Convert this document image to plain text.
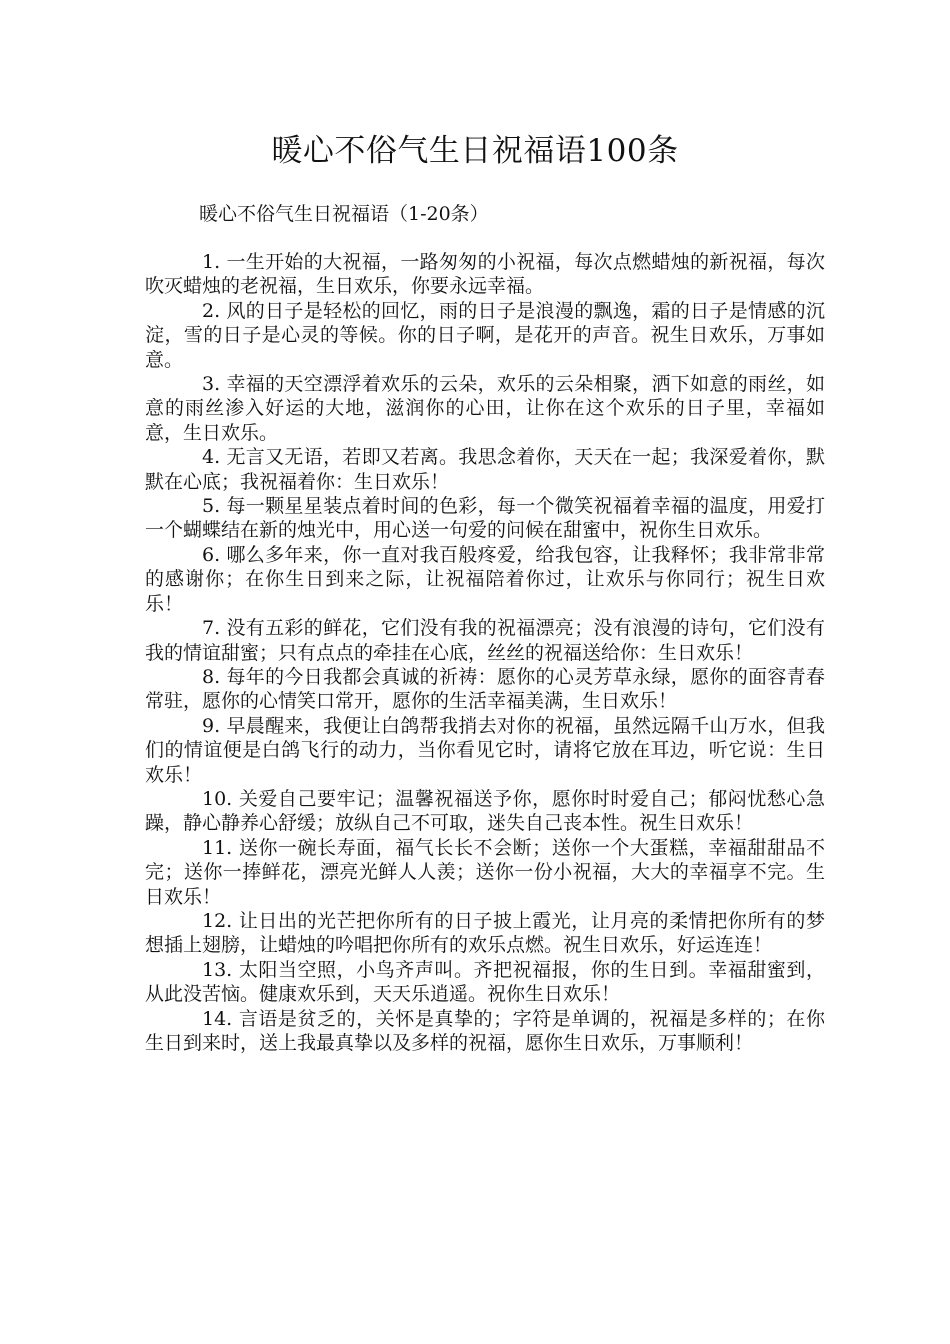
暖心不俗气生日祝福语100条
暖心不俗气生日祝福语（1-20条）

1. 一生开始的大祝福，一路匆匆的小祝福，每次点燃蜡烛的新祝福，每次吹灭蜡烛的老祝福，生日欢乐，你要永远幸福。

2. 风的日子是轻松的回忆，雨的日子是浪漫的飘逸，霜的日子是情感的沉淀，雪的日子是心灵的等候。你的日子啊，是花开的声音。祝生日欢乐，万事如意。

3. 幸福的天空漂浮着欢乐的云朵，欢乐的云朵相聚，洒下如意的雨丝，如意的雨丝渗入好运的大地，滋润你的心田，让你在这个欢乐的日子里，幸福如意，生日欢乐。

4. 无言又无语，若即又若离。我思念着你，天天在一起；我深爱着你，默默在心底；我祝福着你：生日欢乐！

5. 每一颗星星装点着时间的色彩，每一个微笑祝福着幸福的温度，用爱打一个蝴蝶结在新的烛光中，用心送一句爱的问候在甜蜜中，祝你生日欢乐。

6. 哪么多年来，你一直对我百般疼爱，给我包容，让我释怀；我非常非常的感谢你；在你生日到来之际，让祝福陪着你过，让欢乐与你同行；祝生日欢乐！

7. 没有五彩的鲜花，它们没有我的祝福漂亮；没有浪漫的诗句，它们没有我的情谊甜蜜；只有点点的牵挂在心底，丝丝的祝福送给你：生日欢乐！

8. 每年的今日我都会真诚的祈祷：愿你的心灵芳草永绿，愿你的面容青春常驻，愿你的心情笑口常开，愿你的生活幸福美满，生日欢乐！

9. 早晨醒来，我便让白鸽帮我捎去对你的祝福，虽然远隔千山万水，但我们的情谊便是白鸽飞行的动力，当你看见它时，请将它放在耳边，听它说：生日欢乐！

10. 关爱自己要牢记；温馨祝福送予你，愿你时时爱自己；郁闷忧愁心急躁，静心静养心舒缓；放纵自己不可取，迷失自己丧本性。祝生日欢乐！

11. 送你一碗长寿面，福气长长不会断；送你一个大蛋糕，幸福甜甜品不完；送你一捧鲜花，漂亮光鲜人人羡；送你一份小祝福，大大的幸福享不完。生日欢乐！

12. 让日出的光芒把你所有的日子披上霞光，让月亮的柔情把你所有的梦想插上翅膀，让蜡烛的吟唱把你所有的欢乐点燃。祝生日欢乐，好运连连！

13. 太阳当空照，小鸟齐声叫。齐把祝福报，你的生日到。幸福甜蜜到，从此没苦恼。健康欢乐到，天天乐逍遥。祝你生日欢乐！

14. 言语是贫乏的，关怀是真挚的；字符是单调的，祝福是多样的；在你生日到来时，送上我最真挚以及多样的祝福，愿你生日欢乐，万事顺利！
